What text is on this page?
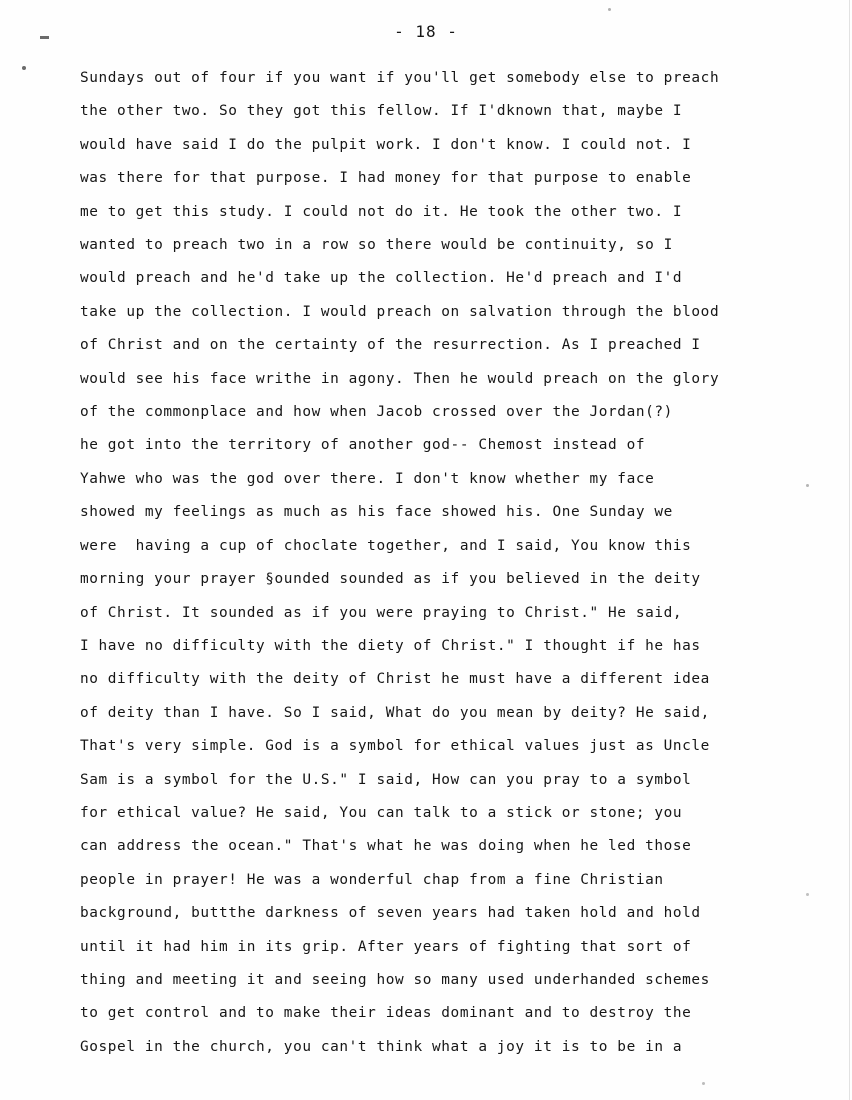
- 18 -
Sundays out of four if you want if you'll get somebody else to preach
the other two. So they got this fellow. If I'dknown that, maybe I
would have said I do the pulpit work. I don't know. I could not. I
was there for that purpose. I had money for that purpose to enable
me to get this study. I could not do it. He took the other two. I
wanted to preach two in a row so there would be continuity, so I
would preach and he'd take up the collection. He'd preach and I'd
take up the collection. I would preach on salvation through the blood
of Christ and on the certainty of the resurrection. As I preached I
would see his face writhe in agony. Then he would preach on the glory
of the commonplace and how when Jacob crossed over the Jordan(?)
he got into the territory of another god-- Chemost instead of
Yahwe who was the god over there. I don't know whether my face
showed my feelings as much as his face showed his. One Sunday we
were  having a cup of choclate together, and I said, You know this
morning your prayer §ounded sounded as if you believed in the deity
of Christ. It sounded as if you were praying to Christ." He said,
I have no difficulty with the diety of Christ." I thought if he has
no difficulty with the deity of Christ he must have a different idea
of deity than I have. So I said, What do you mean by deity? He said,
That's very simple. God is a symbol for ethical values just as Uncle
Sam is a symbol for the U.S." I said, How can you pray to a symbol
for ethical value? He said, You can talk to a stick or stone; you
can address the ocean." That's what he was doing when he led those
people in prayer! He was a wonderful chap from a fine Christian
background, buttthe darkness of seven years had taken hold and hold
until it had him in its grip. After years of fighting that sort of
thing and meeting it and seeing how so many used underhanded schemes
to get control and to make their ideas dominant and to destroy the
Gospel in the church, you can't think what a joy it is to be in a
